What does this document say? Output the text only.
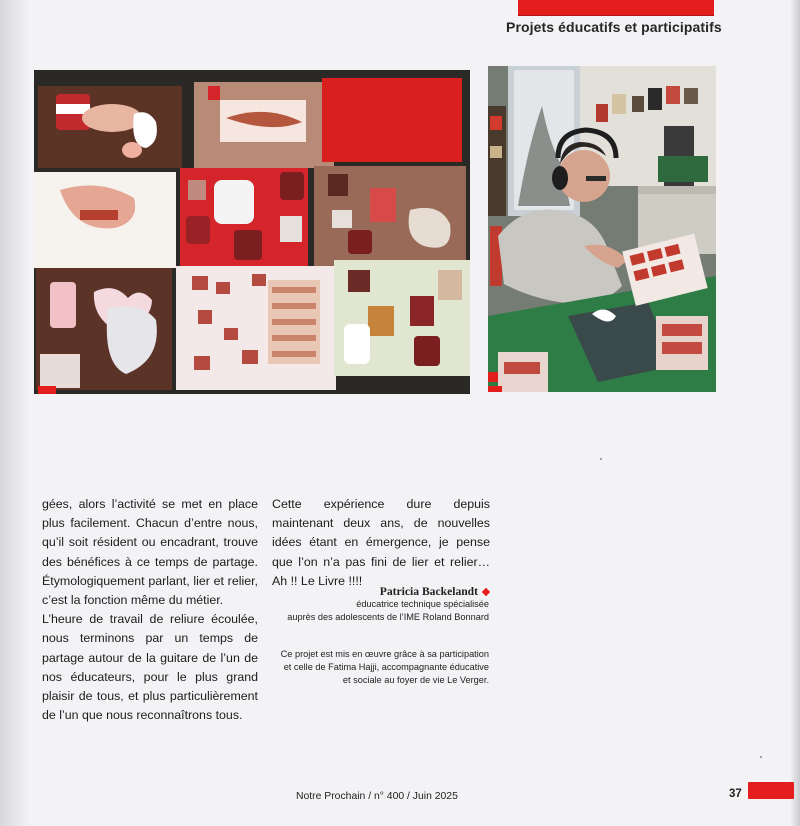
Projets éducatifs et participatifs

gées, alors l’activité se met en place plus facilement. Chacun d’entre nous, qu’il soit résident ou encadrant, trouve des bénéfices à ce temps de partage. Étymologiquement parlant, lier et relier, c’est la fonction même du métier.

L’heure de travail de reliure écoulée, nous terminons par un temps de partage autour de la guitare de l’un de nos éducateurs, pour le plus grand plaisir de tous, et plus particulièrement de l’un que nous reconnaîtrons tous.

Cette expérience dure depuis maintenant deux ans, de nouvelles idées étant en émergence, je pense que l’on n’a pas fini de lier et relier… Ah !! Le Livre !!!!

Patricia Backelandt
éducatrice technique spécialisée
auprès des adolescents de l’IME Roland Bonnard
Ce projet est mis en œuvre grâce à sa participation
et celle de Fatima Hajji, accompagnante éducative
et sociale au foyer de vie Le Verger.
Notre Prochain / n° 400 / Juin 2025	37
